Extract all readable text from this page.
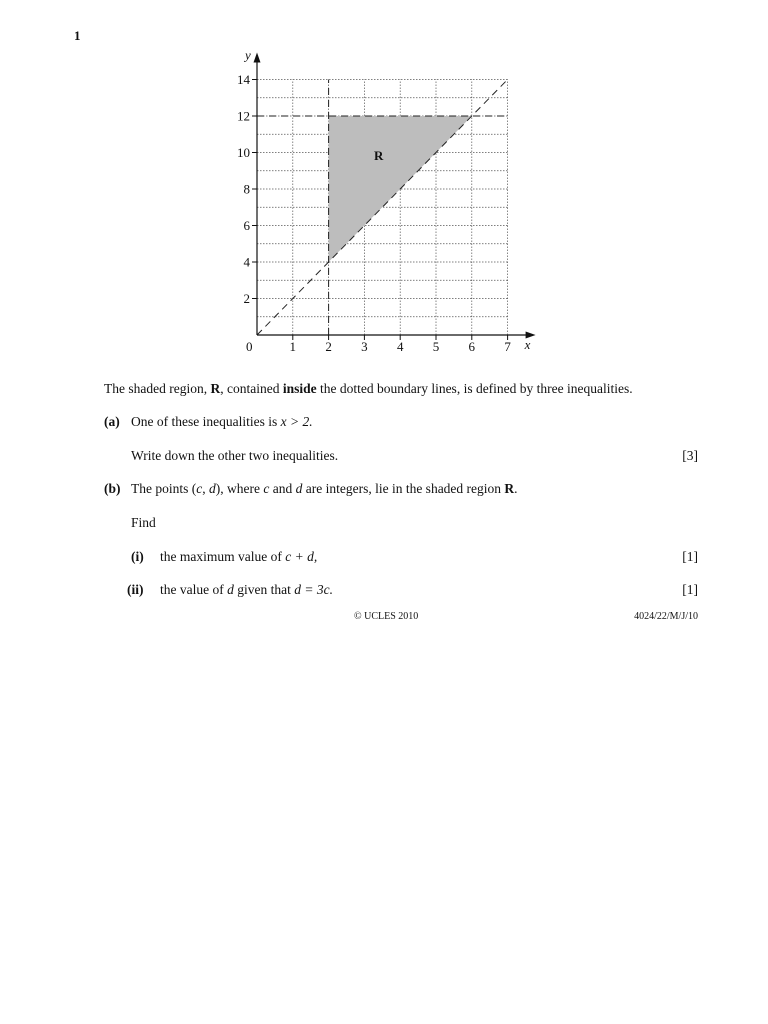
1
1 2 3 4 5 6 7
2
4
6
8
10
12
14
R
x
y
0
The shaded region, R, contained inside the dotted boundary lines, is defined by three inequalities.
(a) One of these inequalities is x > 2.
Write down the other two inequalities.	[3]
(b) The points (c, d), where c and d are integers, lie in the shaded region R.
Find
(i) the maximum value of c + d,	[1]
(ii) the value of d given that d = 3c.	[1]
© UCLES 2010	4024/22/M/J/10
